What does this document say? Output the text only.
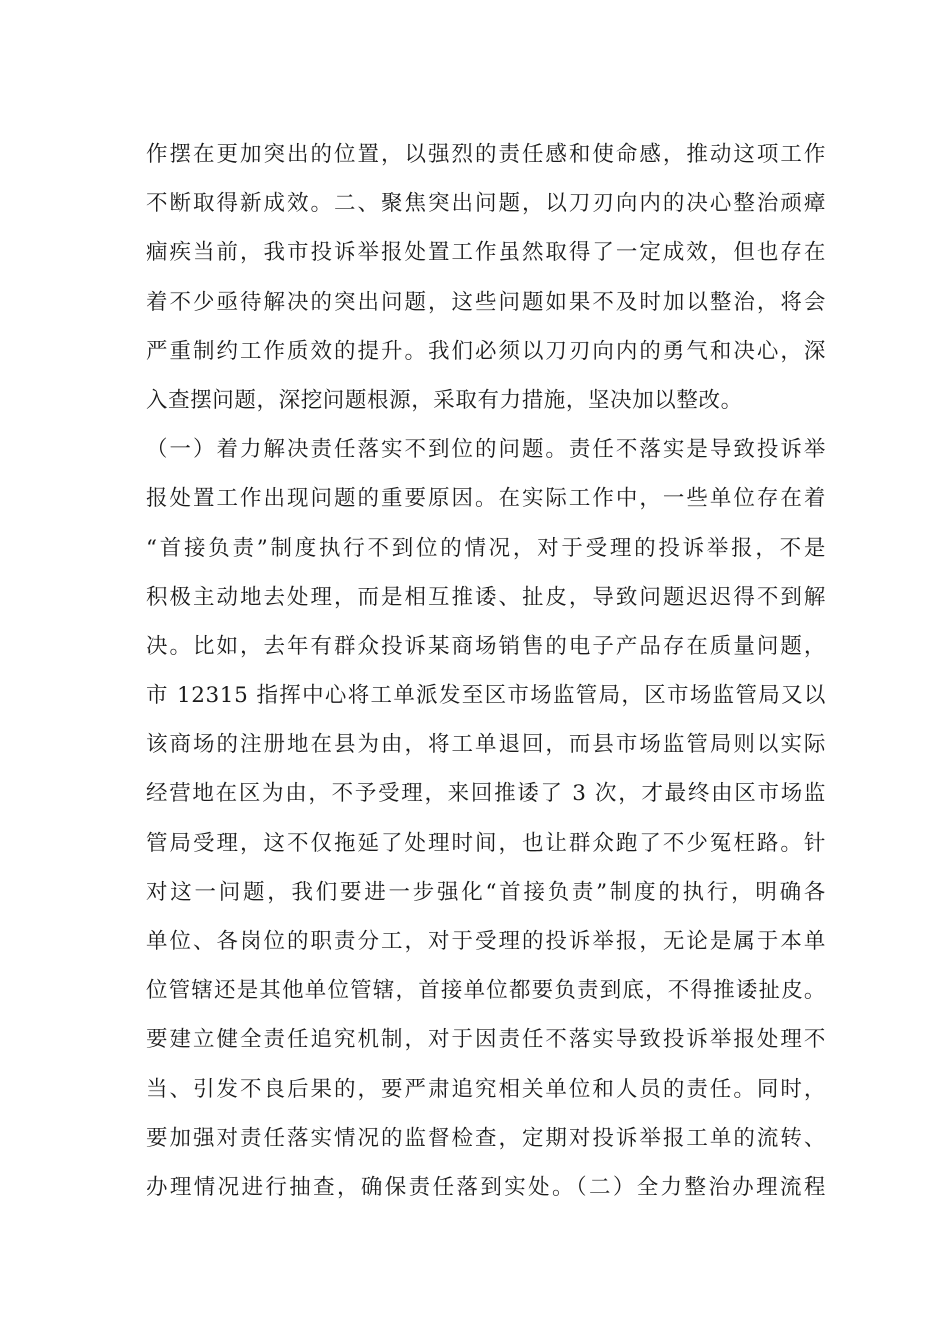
作摆在更加突出的位置，以强烈的责任感和使命感，推动这项工作
不断取得新成效。二、聚焦突出问题，以刀刃向内的决心整治顽瘴
痼疾当前，我市投诉举报处置工作虽然取得了一定成效，但也存在
着不少亟待解决的突出问题，这些问题如果不及时加以整治，将会
严重制约工作质效的提升。我们必须以刀刃向内的勇气和决心，深
入查摆问题，深挖问题根源，采取有力措施，坚决加以整改。
（一）着力解决责任落实不到位的问题。责任不落实是导致投诉举
报处置工作出现问题的重要原因。在实际工作中，一些单位存在着
“首接负责”制度执行不到位的情况，对于受理的投诉举报，不是
积极主动地去处理，而是相互推诿、扯皮，导致问题迟迟得不到解
决。比如，去年有群众投诉某商场销售的电子产品存在质量问题，
市 12315 指挥中心将工单派发至区市场监管局，区市场监管局又以
该商场的注册地在县为由，将工单退回，而县市场监管局则以实际
经营地在区为由，不予受理，来回推诿了 3 次，才最终由区市场监
管局受理，这不仅拖延了处理时间，也让群众跑了不少冤枉路。针
对这一问题，我们要进一步强化“首接负责”制度的执行，明确各
单位、各岗位的职责分工，对于受理的投诉举报，无论是属于本单
位管辖还是其他单位管辖，首接单位都要负责到底，不得推诿扯皮。
要建立健全责任追究机制，对于因责任不落实导致投诉举报处理不
当、引发不良后果的，要严肃追究相关单位和人员的责任。同时，
要加强对责任落实情况的监督检查，定期对投诉举报工单的流转、
办理情况进行抽查，确保责任落到实处。（二）全力整治办理流程
